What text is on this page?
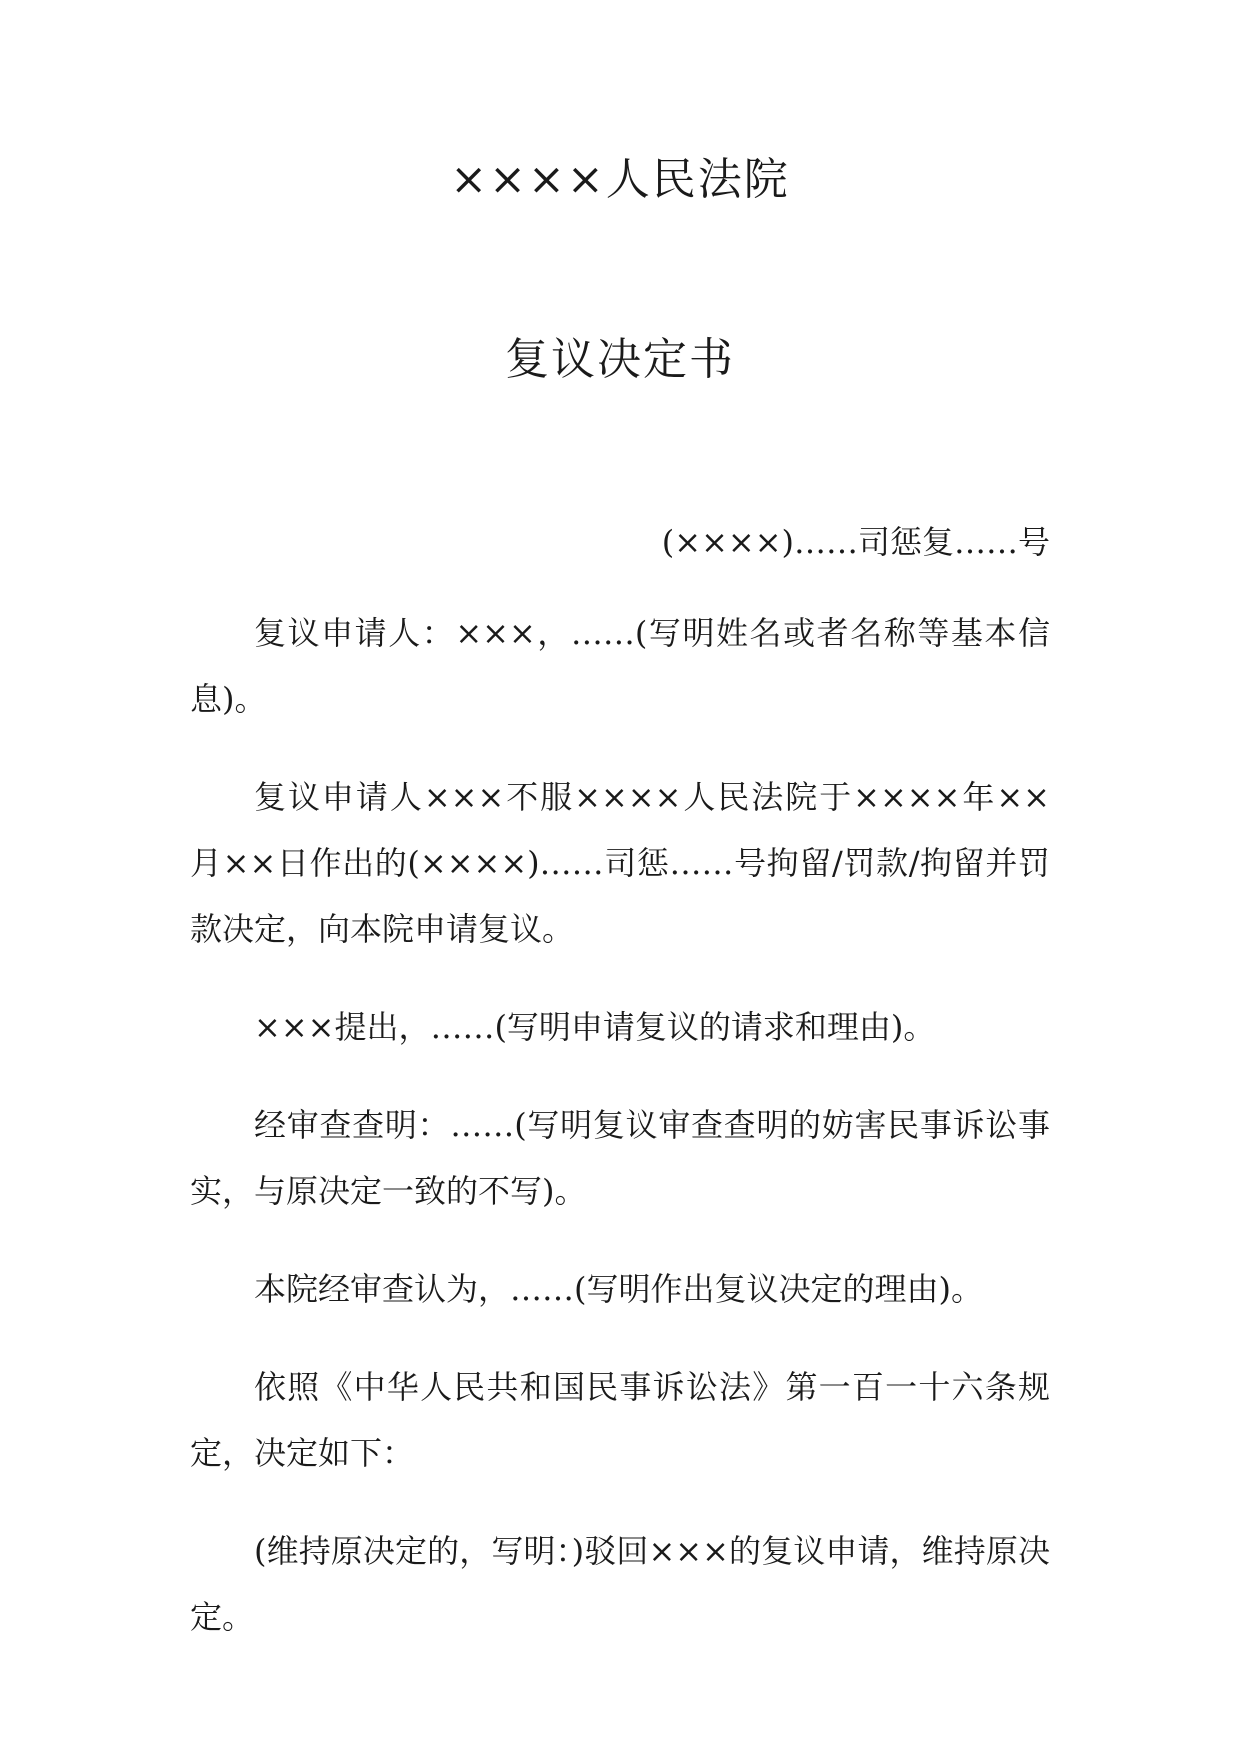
××××人民法院
复议决定书

(××××)……司惩复……号

复议申请人：×××，……(写明姓名或者名称等基本信息)。

复议申请人×××不服××××人民法院于××××年××月××日作出的(××××)……司惩……号拘留/罚款/拘留并罚款决定，向本院申请复议。

×××提出，……(写明申请复议的请求和理由)。

经审查查明：……(写明复议审查查明的妨害民事诉讼事实，与原决定一致的不写)。

本院经审查认为，……(写明作出复议决定的理由)。

依照《中华人民共和国民事诉讼法》第一百一十六条规定，决定如下：

(维持原决定的，写明：)驳回×××的复议申请，维持原决定。
